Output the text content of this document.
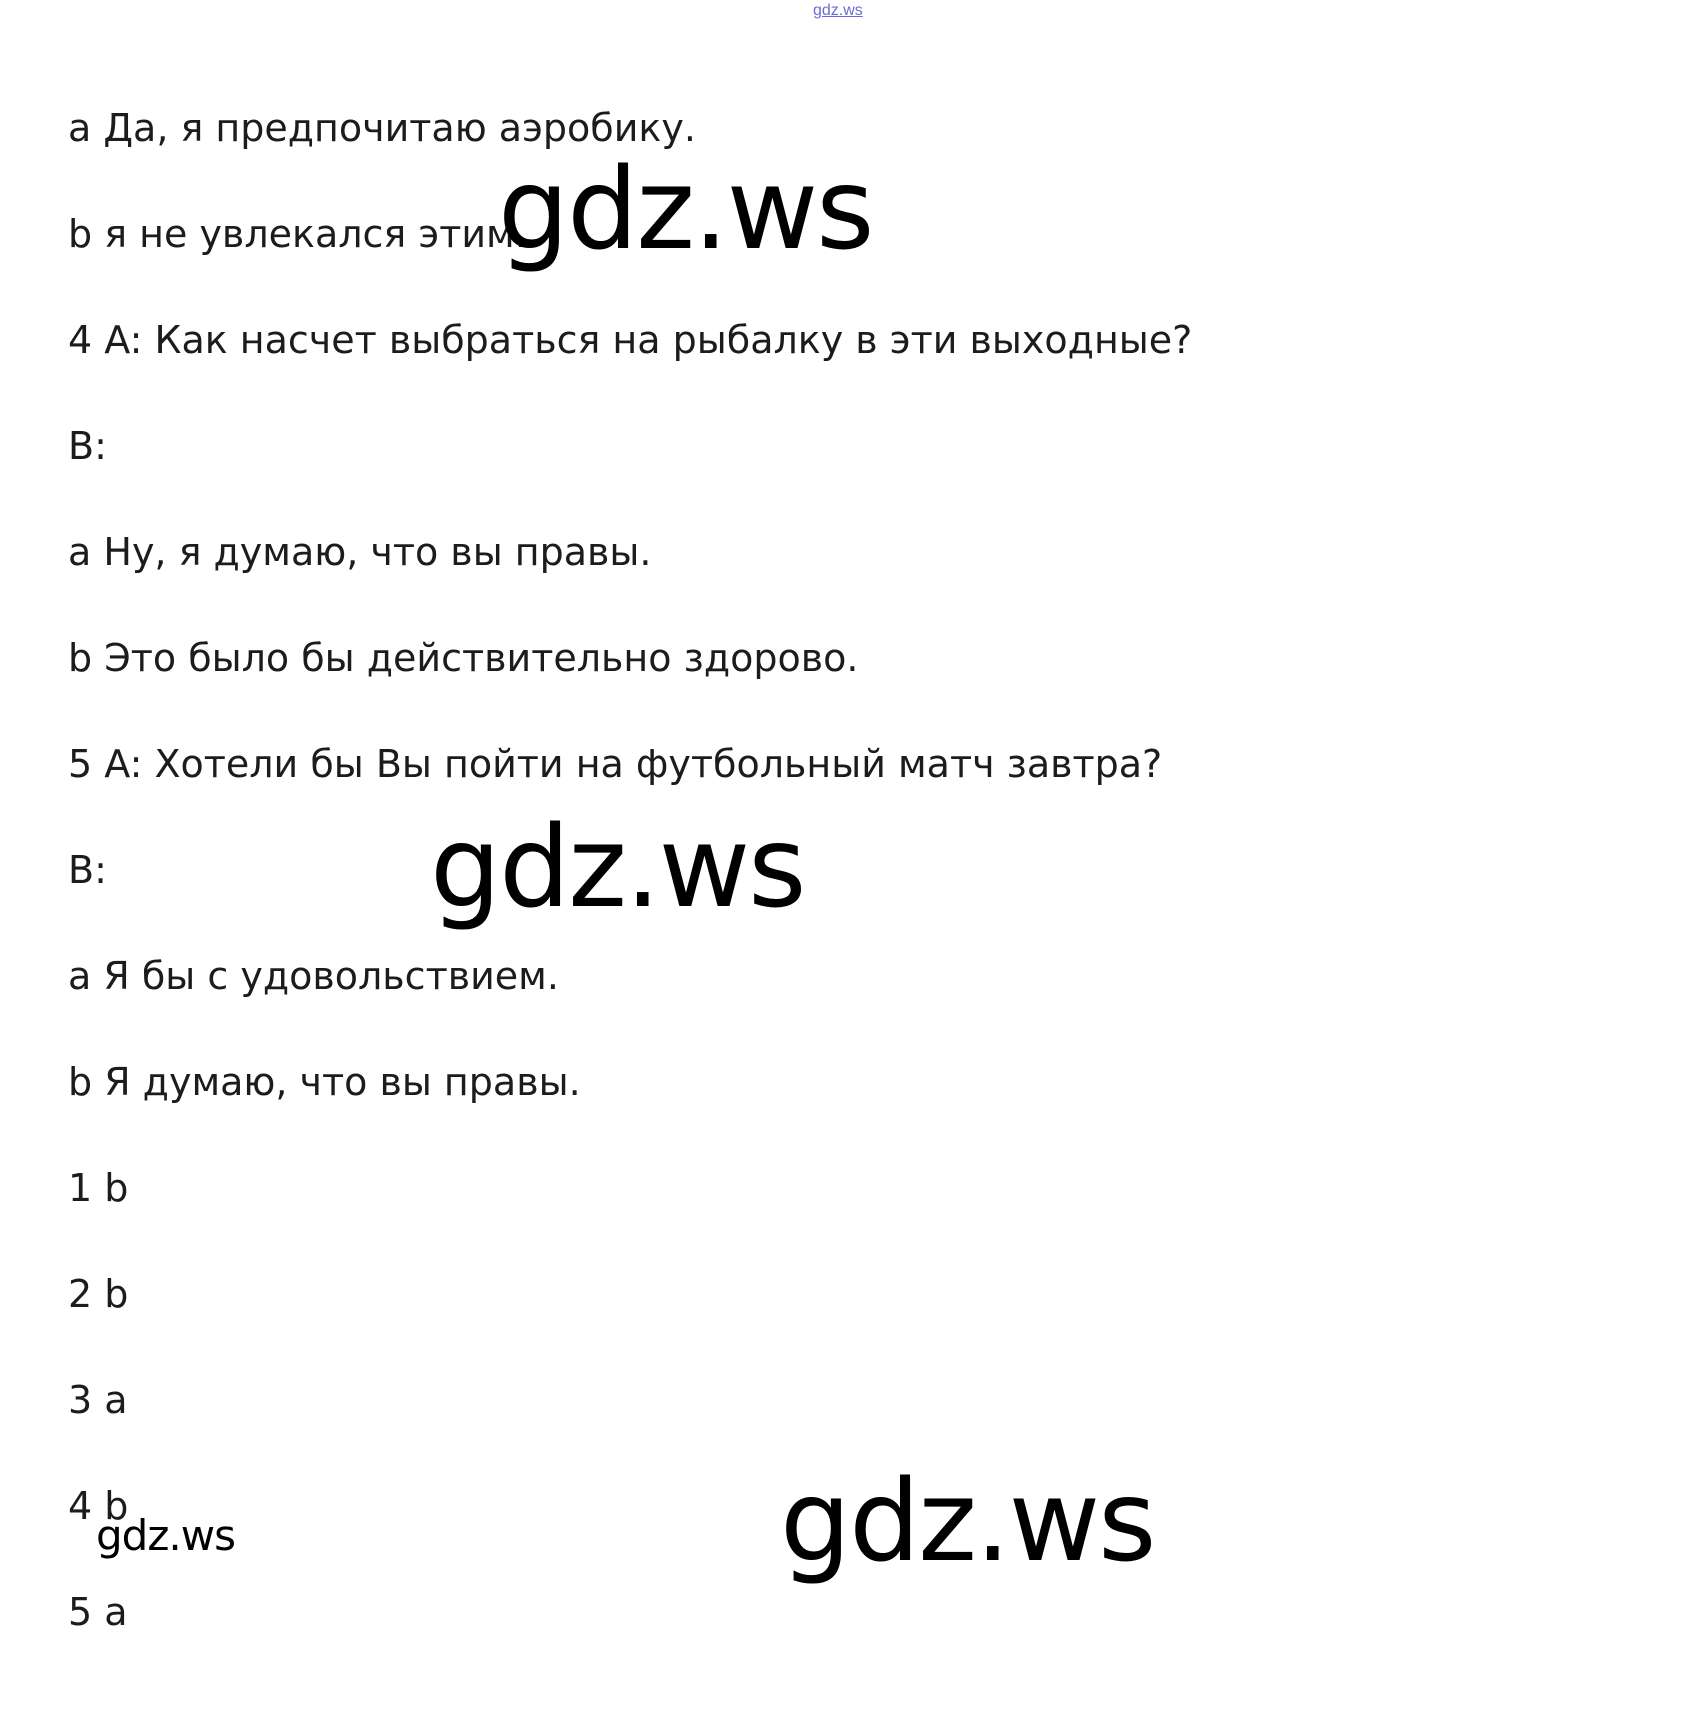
gdz.ws
a Да, я предпочитаю аэробику.
b я не увлекался этим.
4 A: Как насчет выбраться на рыбалку в эти выходные?
B:
a Ну, я думаю, что вы правы.
b Это было бы действительно здорово.
5 A: Хотели бы Вы пойти на футбольный матч завтра?
B:
a Я бы с удовольствием.
b Я думаю, что вы правы.
1 b
2 b
3 a
4 b
5 a
gdz.ws
gdz.ws
gdz.ws
gdz.ws
